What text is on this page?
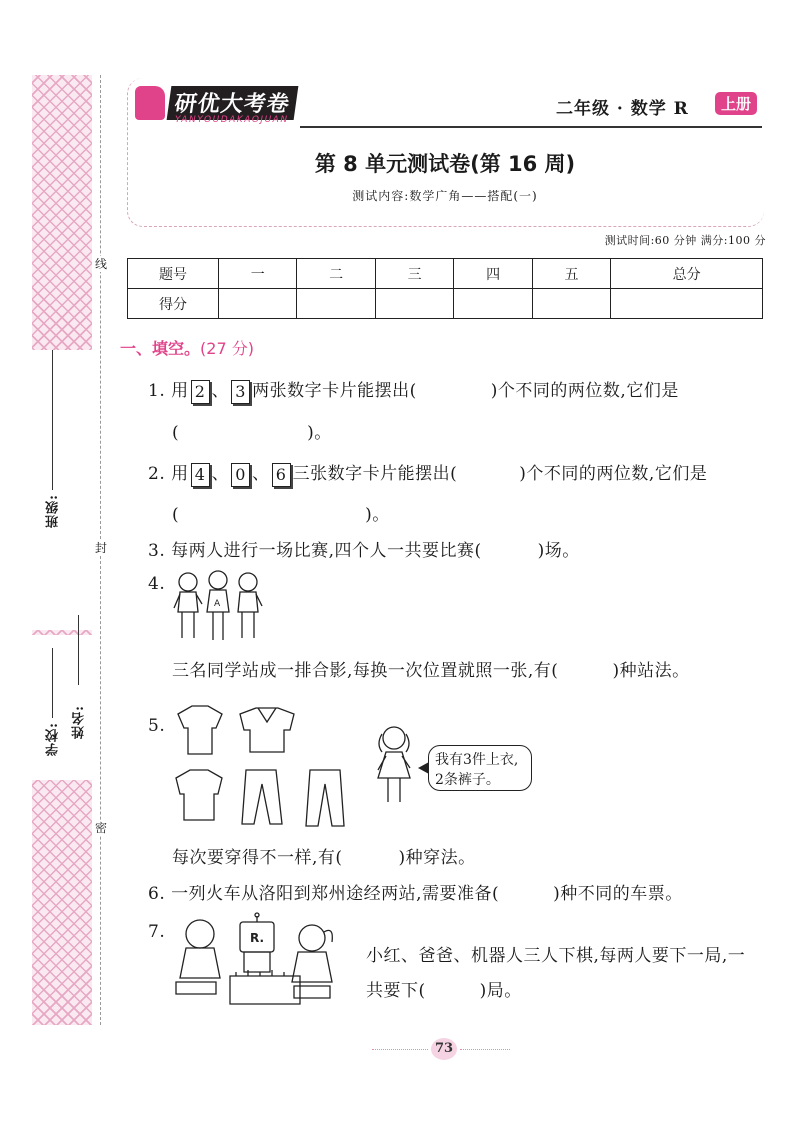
线
封
密
班级:
学校:
姓名:
研优大考卷
YANYOUDAKAOJUAN
二年级 · 数学 R	上册
第 8 单元测试卷(第 16 周)
测试内容:数学广角——搭配(一)
测试时间:60 分钟 满分:100 分
题号	一	二	三	四	五	总分
得分						
一、填空。(27 分)
1. 用 2 、 3 两张数字卡片能摆出(	)个不同的两位数,它们是
(	)。
2. 用 4 、 0 、 6 三张数字卡片能摆出(	)个不同的两位数,它们是
(	)。
3. 每两人进行一场比赛,四个人一共要比赛(	)场。
4.
A
三名同学站成一排合影,每换一次位置就照一张,有(	)种站法。
5.
我有3件上衣,
2条裤子。
每次要穿得不一样,有(	)种穿法。
6. 一列火车从洛阳到郑州途经两站,需要准备(	)种不同的车票。
7.	R.
小红、爸爸、机器人三人下棋,每两人要下一局,一
共要下(	)局。
73
